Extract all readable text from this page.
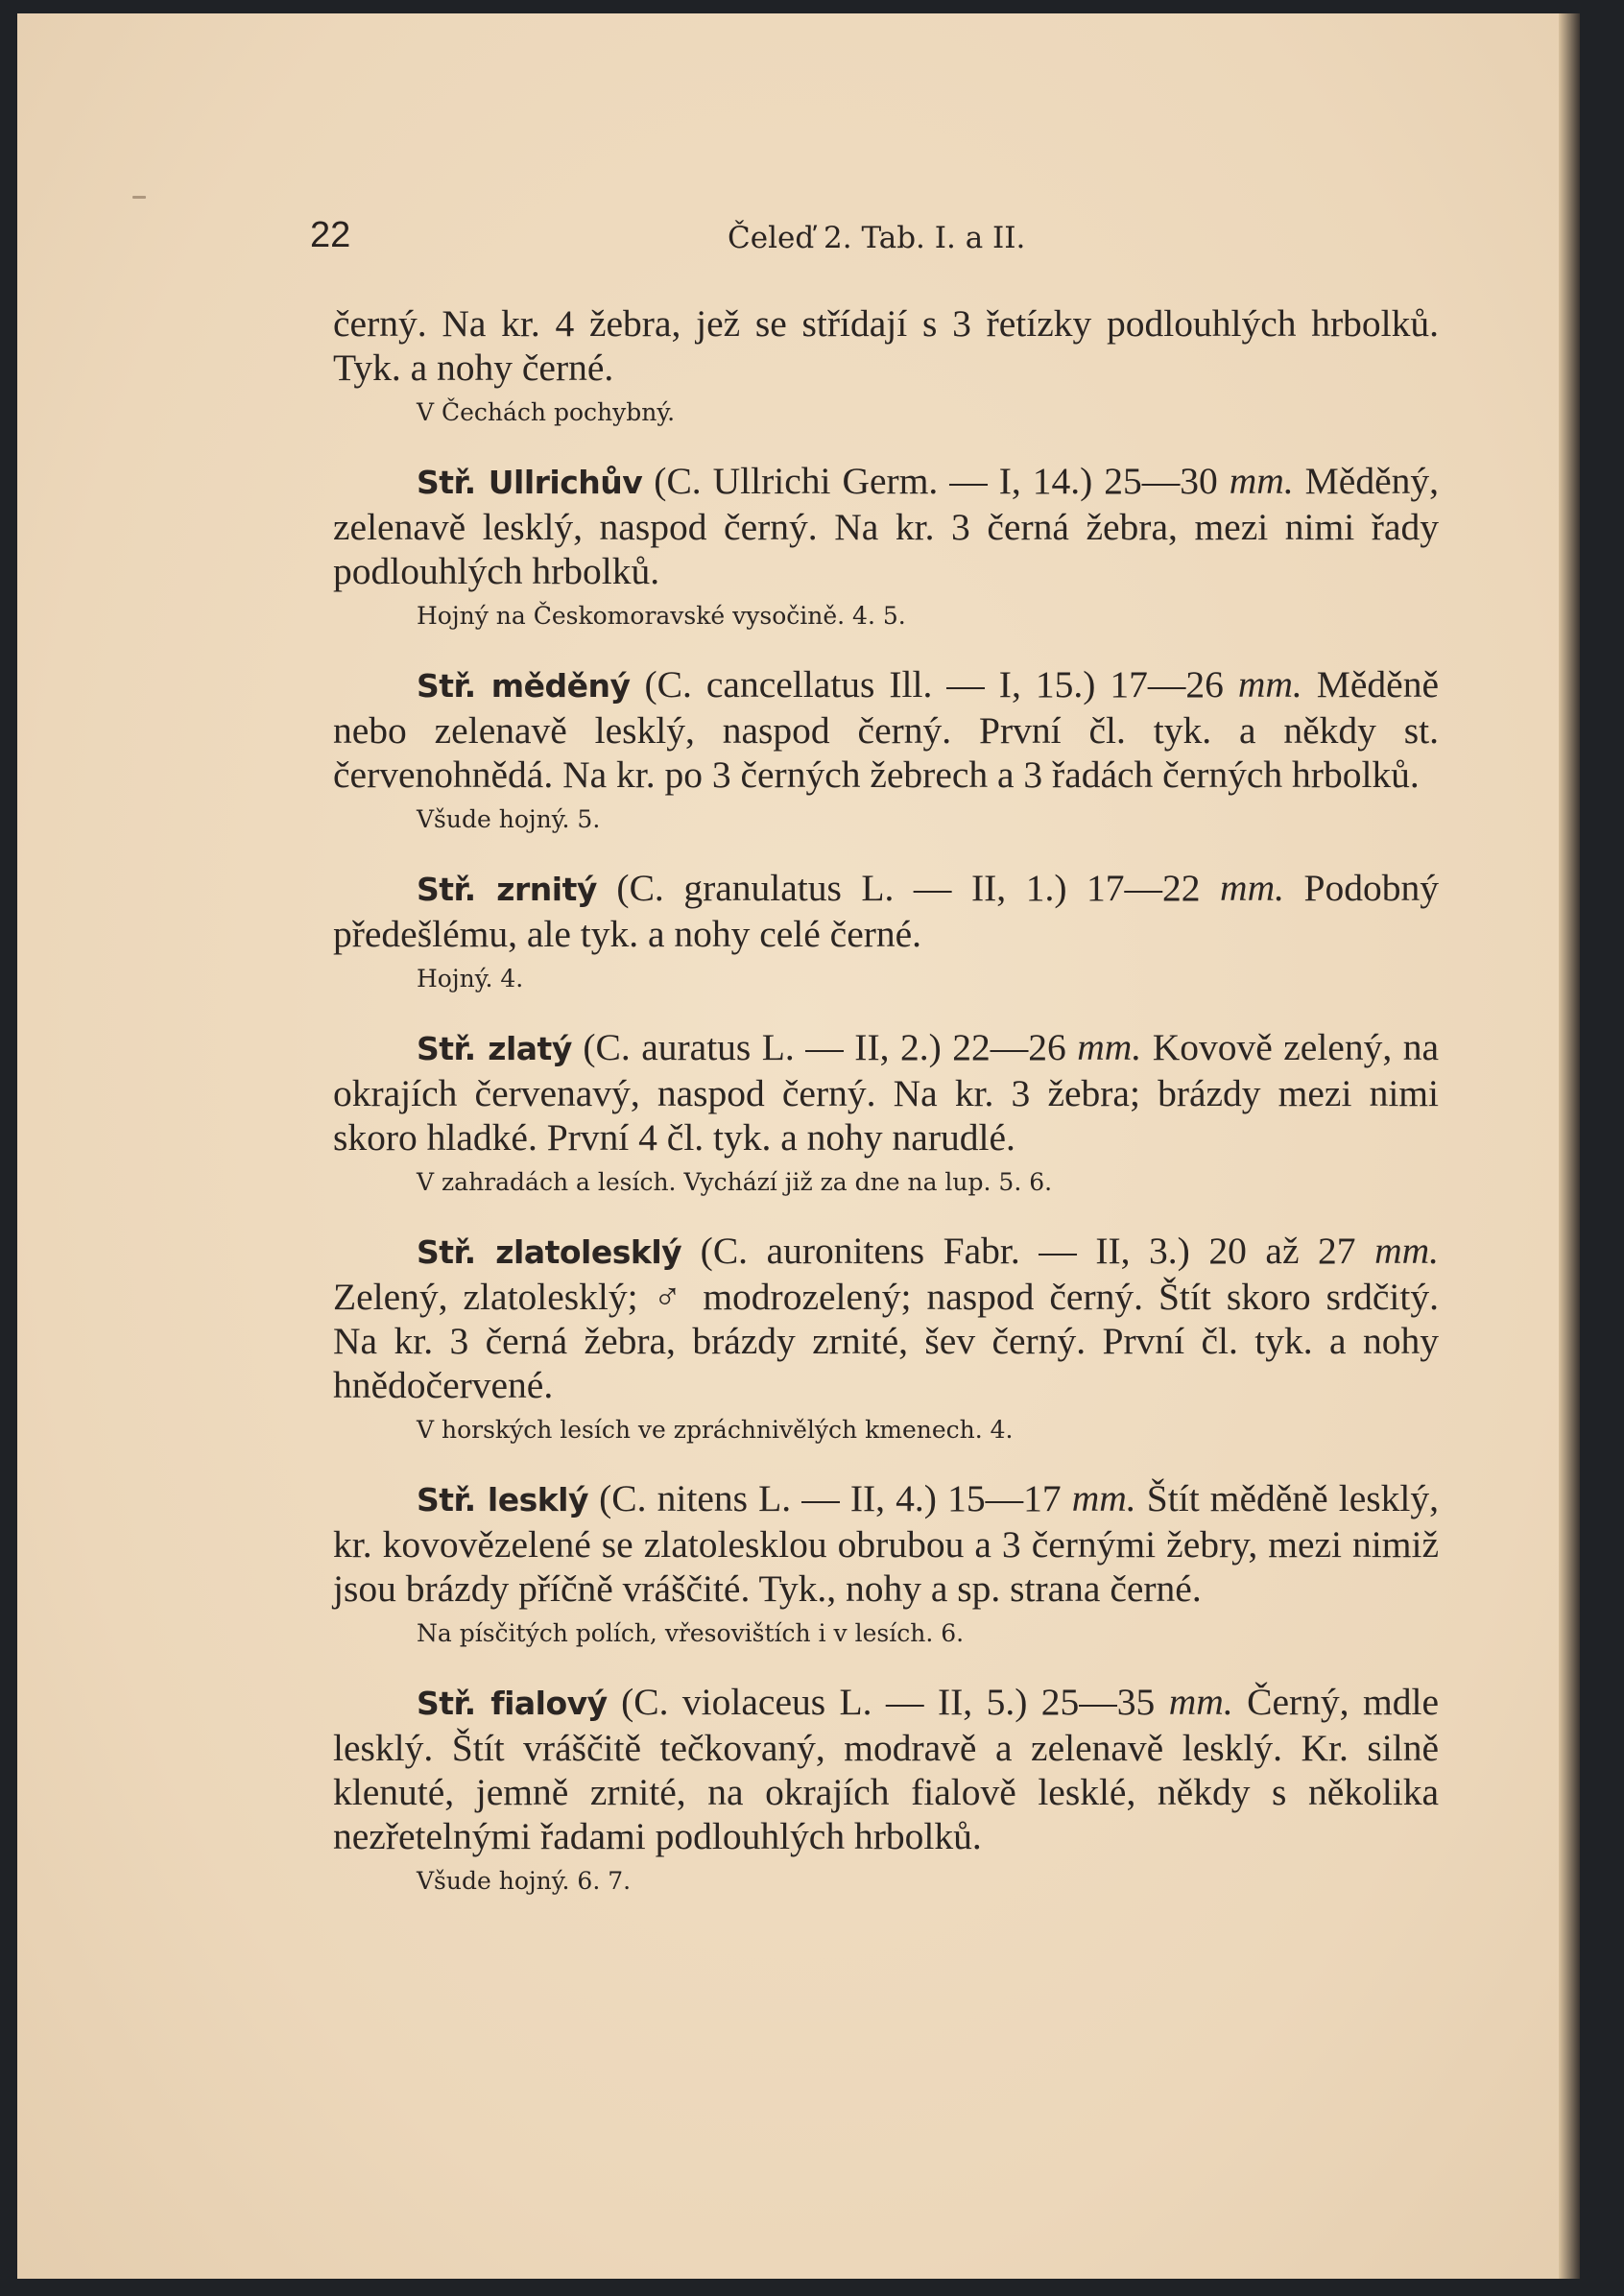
22	Čeleď 2. Tab. I. a II.

černý. Na kr. 4 žebra, jež se střídají s 3 řetízky podlouhlých hrbolků. Tyk. a nohy černé.

V Čechách pochybný.

Stř. Ullrichův (C. Ullrichi Germ. — I, 14.) 25—30 mm. Měděný, zelenavě lesklý, naspod černý. Na kr. 3 černá žebra, mezi nimi řady podlouhlých hrbolků.

Hojný na Českomoravské vysočině. 4. 5.

Stř. měděný (C. cancellatus Ill. — I, 15.) 17—26 mm. Měděně nebo zelenavě lesklý, naspod černý. První čl. tyk. a někdy st. červenohnědá. Na kr. po 3 černých žebrech a 3 řadách černých hrbolků.

Všude hojný. 5.

Stř. zrnitý (C. granulatus L. — II, 1.) 17—22 mm. Podobný předešlému, ale tyk. a nohy celé černé.

Hojný. 4.

Stř. zlatý (C. auratus L. — II, 2.) 22—26 mm. Kovově zelený, na okrajích červenavý, naspod černý. Na kr. 3 žebra; brázdy mezi nimi skoro hladké. První 4 čl. tyk. a nohy narudlé.

V zahradách a lesích. Vychází již za dne na lup. 5. 6.

Stř. zlatolesklý (C. auronitens Fabr. — II, 3.) 20 až 27 mm. Zelený, zlatolesklý; ♂ modrozelený; naspod černý. Štít skoro srdčitý. Na kr. 3 černá žebra, brázdy zrnité, šev černý. První čl. tyk. a nohy hnědočervené.

V horských lesích ve zpráchnivělých kmenech. 4.

Stř. lesklý (C. nitens L. — II, 4.) 15—17 mm. Štít měděně lesklý, kr. kovovězelené se zlatolesklou obrubou a 3 černými žebry, mezi nimiž jsou brázdy příčně vráščité. Tyk., nohy a sp. strana černé.

Na písčitých polích, vřesovištích i v lesích. 6.

Stř. fialový (C. violaceus L. — II, 5.) 25—35 mm. Černý, mdle lesklý. Štít vráščitě tečkovaný, modravě a zelenavě lesklý. Kr. silně klenuté, jemně zrnité, na okrajích fialově lesklé, někdy s několika nezřetelnými řadami podlouhlých hrbolků.

Všude hojný. 6. 7.
